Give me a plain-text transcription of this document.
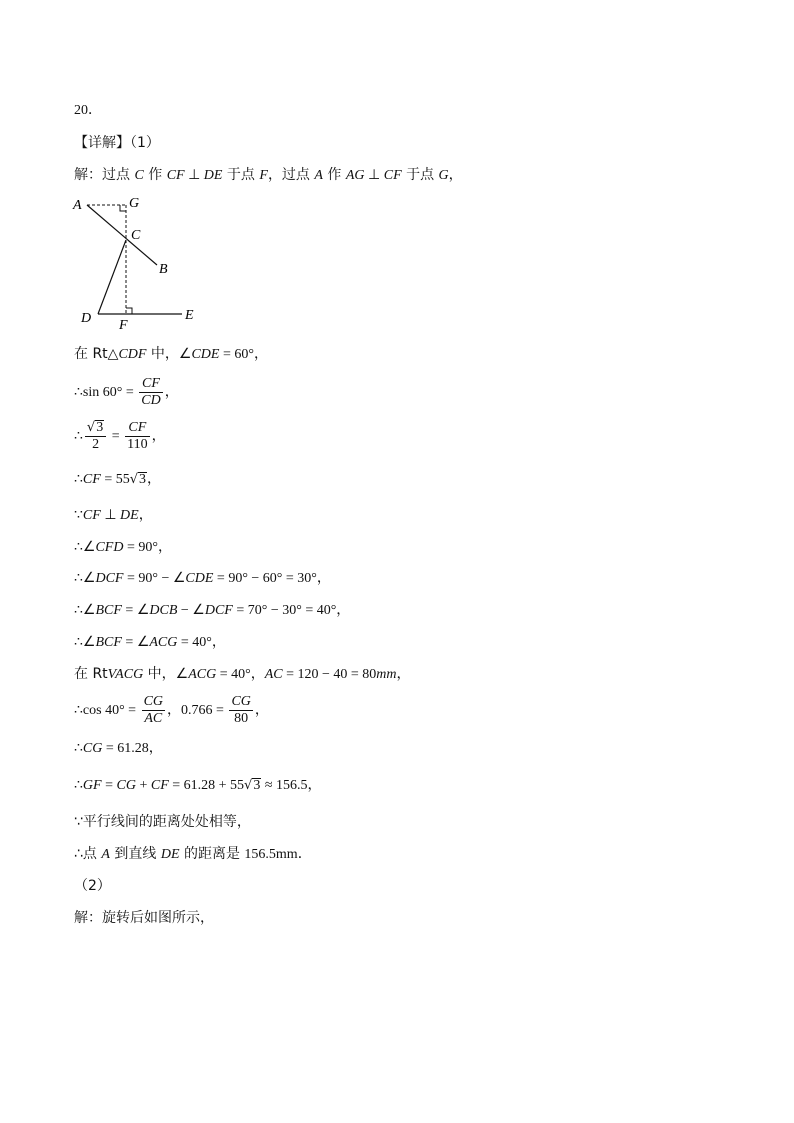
20．
【详解】（1）
解：过点 C 作 CF ⊥ DE 于点 F，过点 A 作 AG ⊥ CF 于点 G，
A	G
C
B
D F
E
在 Rt△CDF 中，∠CDE = 60°，
∴sin $60^\circ = \frac{CF}{CD}$ ，
∴ $\frac{√3}{2} = \frac{CF}{110}$ ，
∴CF = 55√3，
∵CF ⊥ DE，
∴∠CFD = 90°，
∴∠DCF = 90° − ∠CDE = 90° − 60° = 30°，
∴∠BCF = ∠DCB − ∠DCF = 70° − 30° = 40°，
∴∠BCF = ∠ACG = 40°，
在 RtVACG 中，∠ACG = 40°，AC = 120 − 40 = 80mm，
∴cos $40^\circ = \frac{CG}{AC}$ ，$0.766 = \frac{CG}{80}$ ，
∴CG = 61.28，
∴GF = CG + CF = 61.28 + 55√3 ≈ 156.5，
∵平行线间的距离处处相等，
∴点 A 到直线 DE 的距离是 156.5mm．
（2）
解：旋转后如图所示，
